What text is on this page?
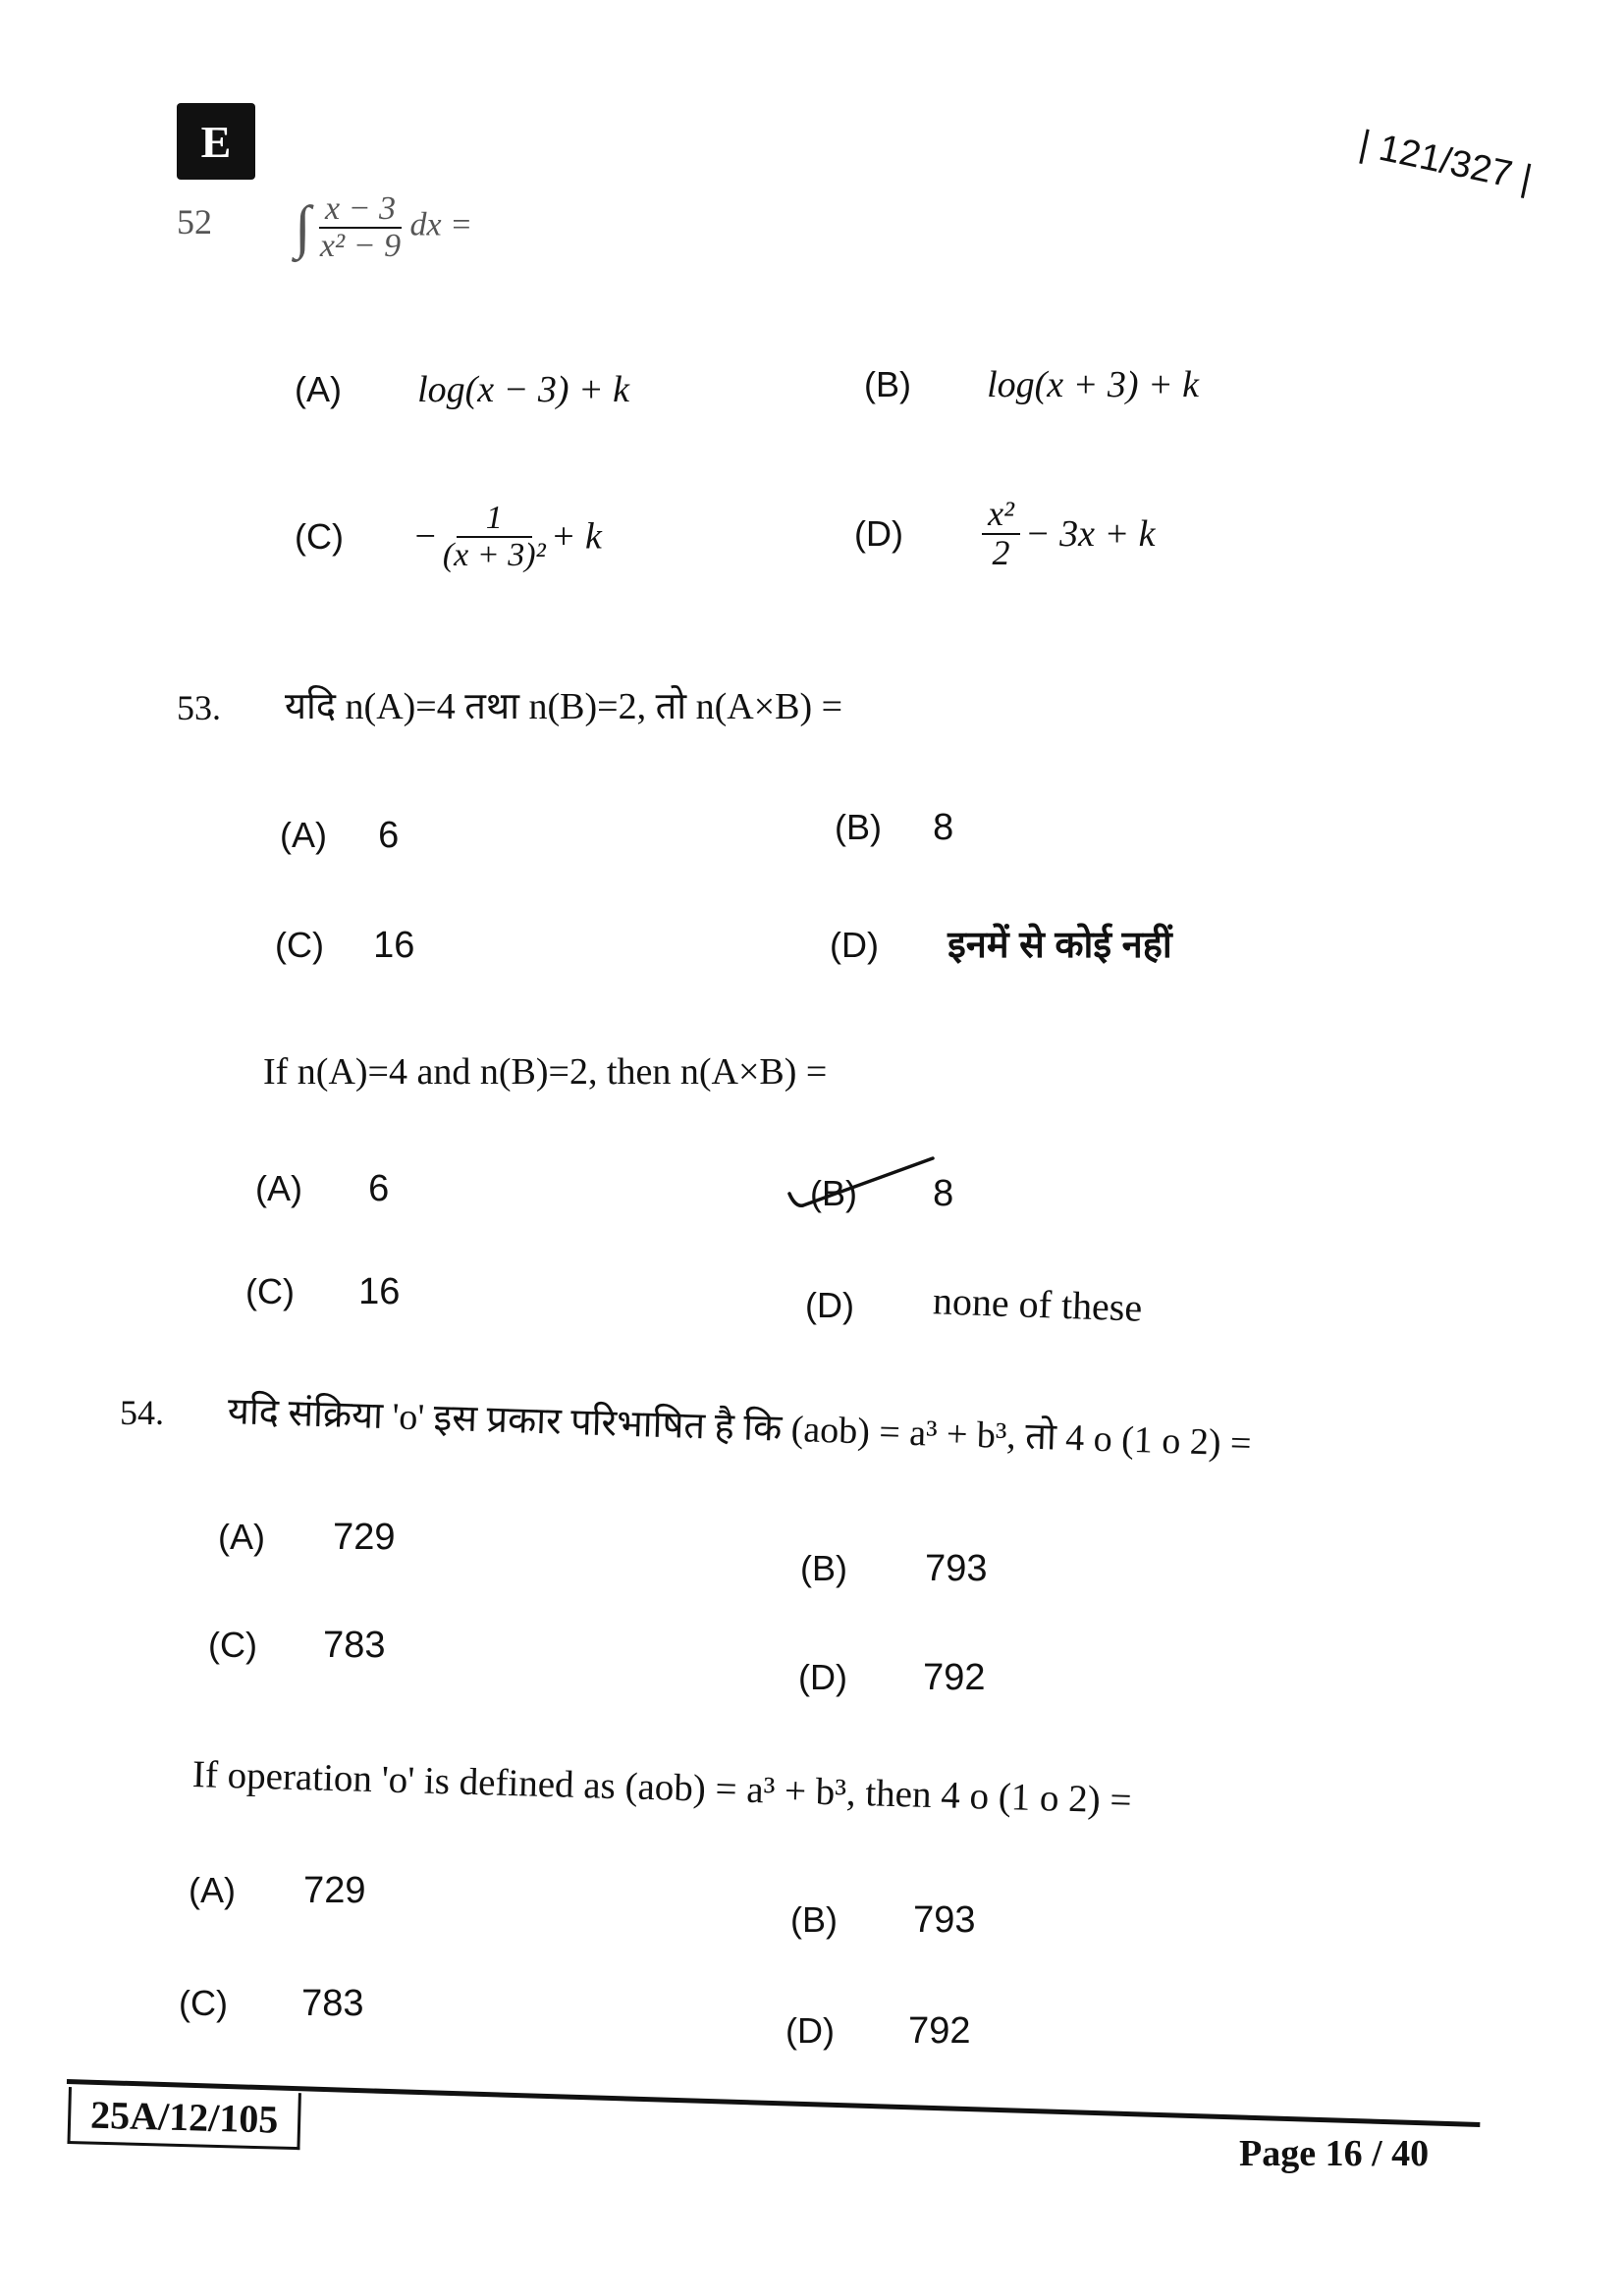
E	| 121/327 |
52 ∫ $\frac{x - 3}{\text{x² − 9}}$ dx =
(A) log(x − 3) + k	(B) log(x + 3) + k
$(C) - \frac{1}{\text{(x + 3)²}} + k$	$(D) \frac{\text{x²}}{2} - 3x + k$
53. यदि n(A)=4 तथा n(B)=2, तो n(A×B) =
(A) 6	(B) 8
(C) 16	(D) इनमें से कोई नहीं
If n(A)=4 and n(B)=2, then n(A×B) =
(A) 6	(B) 8
(C) 16	(D) none of these
54. यदि संक्रिया 'o' इस प्रकार परिभाषित है कि (aob) = a³ + b³, तो 4 o (1 o 2) =
(A) 729
(B) 793
(C) 783
(D) 792
If operation 'o' is defined as (aob) = a³ + b³, then 4 o (1 o 2) =
(A) 729
(B) 793
(C) 783
(D) 792
25A/12/105
Page 16 / 40
